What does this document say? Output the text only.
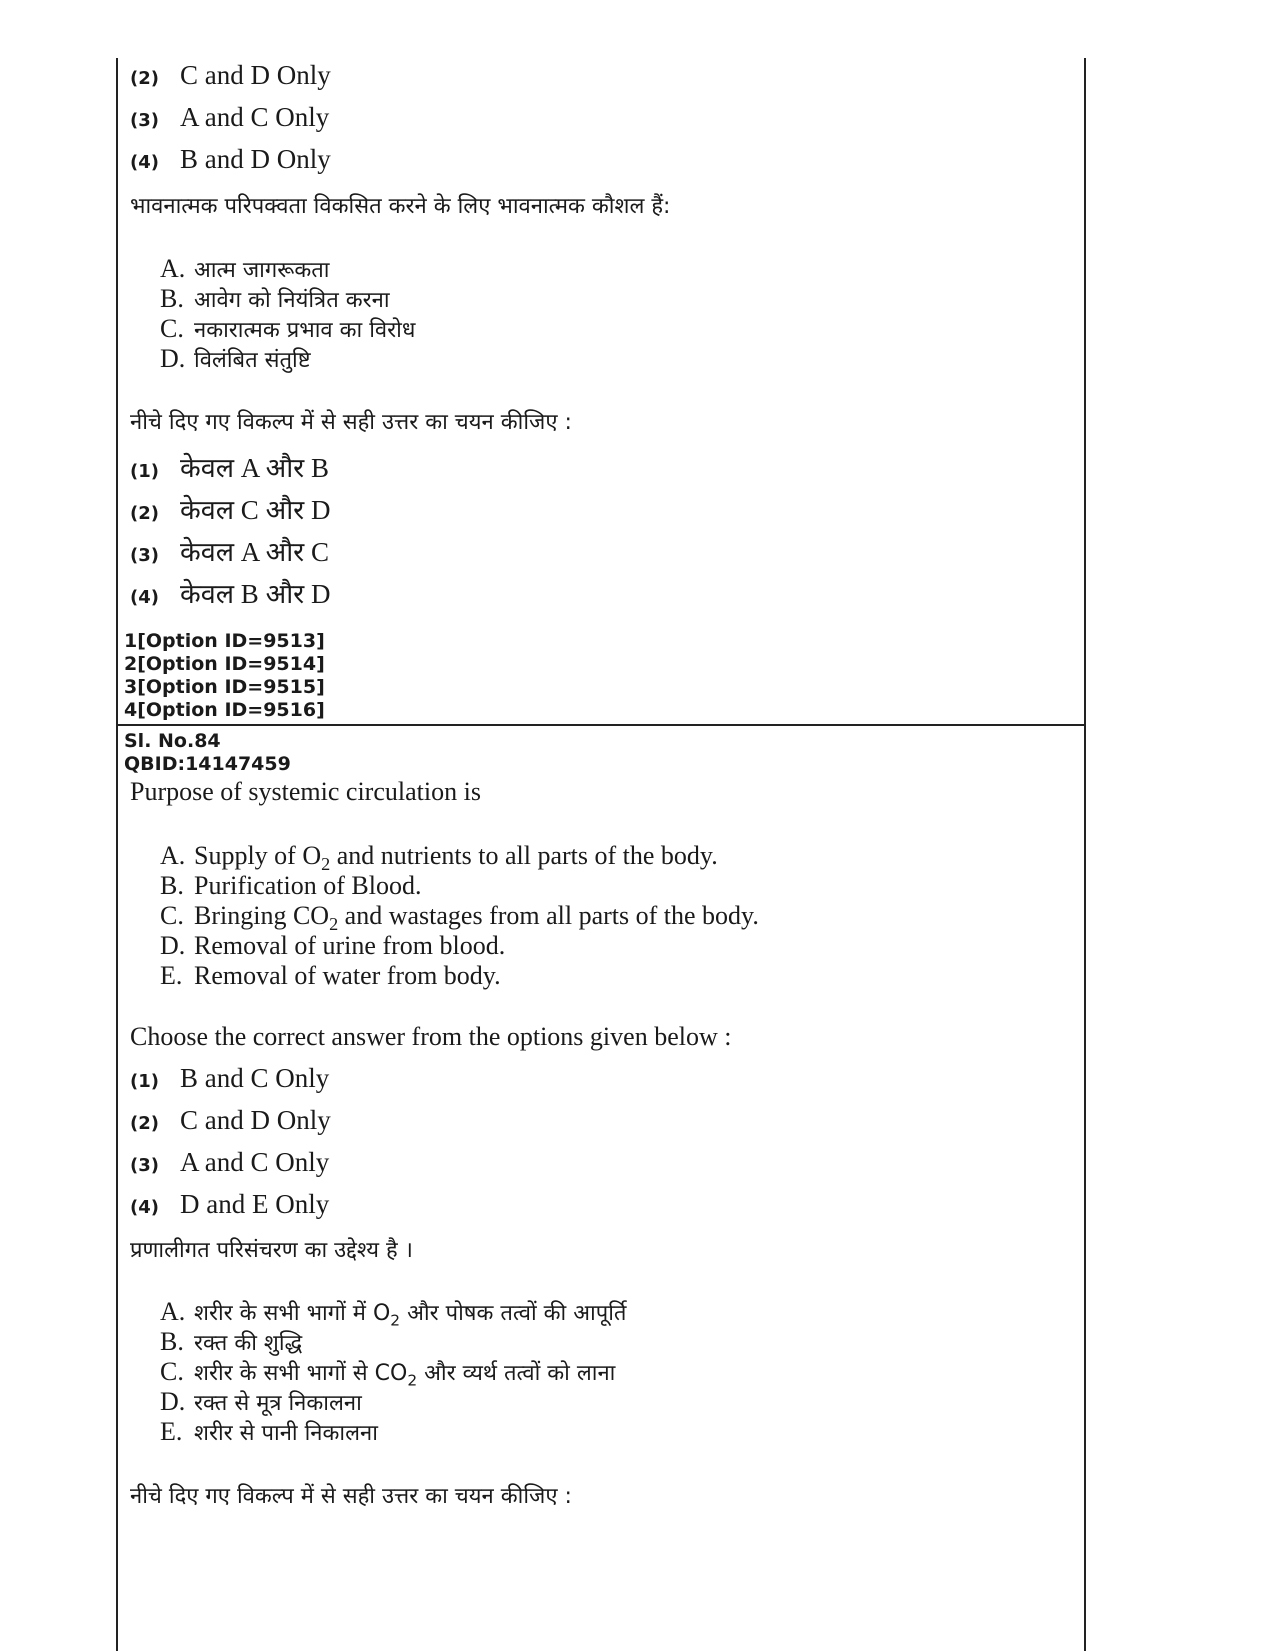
(2) C and D Only
(3) A and C Only
(4) B and D Only
भावनात्मक परिपक्वता विकसित करने के लिए भावनात्मक कौशल हैं:
A. आत्म जागरूकता
B. आवेग को नियंत्रित करना
C. नकारात्मक प्रभाव का विरोध
D. विलंबित संतुष्टि
नीचे दिए गए विकल्प में से सही उत्तर का चयन कीजिए :
(1) केवल A और B
(2) केवल C और D
(3) केवल A और C
(4) केवल B और D
1[Option ID=9513]
2[Option ID=9514]
3[Option ID=9515]
4[Option ID=9516]
Sl. No.84
QBID:14147459
Purpose of systemic circulation is
A. Supply of $O_2$ and nutrients to all parts of the body.
B. Purification of Blood.
C. Bringing $CO_2$ and wastages from all parts of the body.
D. Removal of urine from blood.
E. Removal of water from body.
Choose the correct answer from the options given below :
(1) B and C Only
(2) C and D Only
(3) A and C Only
(4) D and E Only
प्रणालीगत परिसंचरण का उद्देश्य है ।
A. शरीर के सभी भागों में $O_2$ और पोषक तत्वों की आपूर्ति
B. रक्त की शुद्धि
C. शरीर के सभी भागों से $CO_2$ और व्यर्थ तत्वों को लाना
D. रक्त से मूत्र निकालना
E. शरीर से पानी निकालना
नीचे दिए गए विकल्प में से सही उत्तर का चयन कीजिए :
